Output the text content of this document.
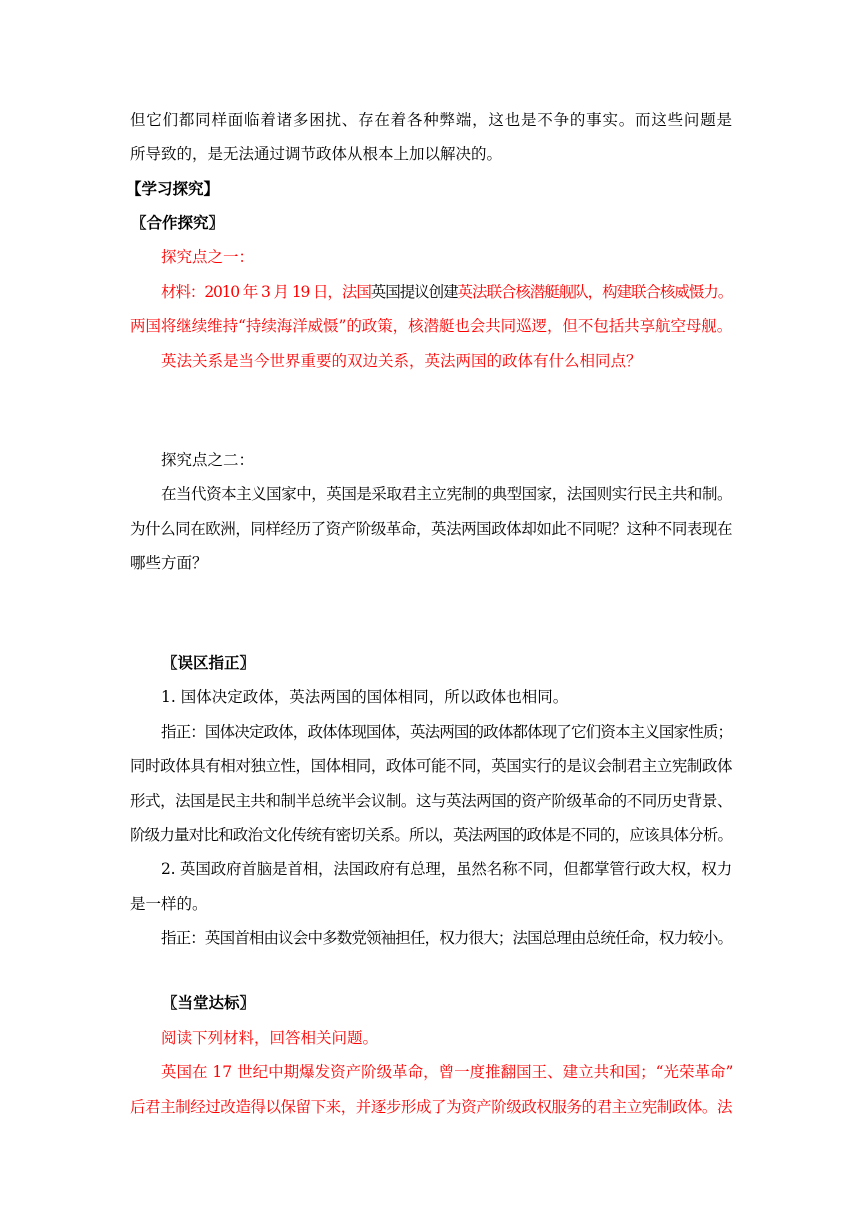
但它们都同样面临着诸多困扰、存在着各种弊端，这也是不争的事实。而这些问题是
所导致的，是无法通过调节政体从根本上加以解决的。
【学习探究】
〖合作探究〗
探究点之一：
材料：2010 年 3 月 19 日，法国英国提议创建英法联合核潜艇舰队，构建联合核威慑力。
两国将继续维持“持续海洋威慑”的政策，核潜艇也会共同巡逻，但不包括共享航空母舰。
英法关系是当今世界重要的双边关系，英法两国的政体有什么相同点？
探究点之二：
在当代资本主义国家中，英国是采取君主立宪制的典型国家，法国则实行民主共和制。
为什么同在欧洲，同样经历了资产阶级革命，英法两国政体却如此不同呢？这种不同表现在
哪些方面？
〖误区指正〗
1. 国体决定政体，英法两国的国体相同，所以政体也相同。
指正：国体决定政体，政体体现国体，英法两国的政体都体现了它们资本主义国家性质；
同时政体具有相对独立性，国体相同，政体可能不同，英国实行的是议会制君主立宪制政体
形式，法国是民主共和制半总统半会议制。这与英法两国的资产阶级革命的不同历史背景、
阶级力量对比和政治文化传统有密切关系。所以，英法两国的政体是不同的，应该具体分析。
2. 英国政府首脑是首相，法国政府有总理，虽然名称不同，但都掌管行政大权，权力
是一样的。
指正：英国首相由议会中多数党领袖担任，权力很大；法国总理由总统任命，权力较小。
〖当堂达标〗
阅读下列材料，回答相关问题。
英国在 17 世纪中期爆发资产阶级革命，曾一度推翻国王、建立共和国；“光荣革命”
后君主制经过改造得以保留下来，并逐步形成了为资产阶级政权服务的君主立宪制政体。法
